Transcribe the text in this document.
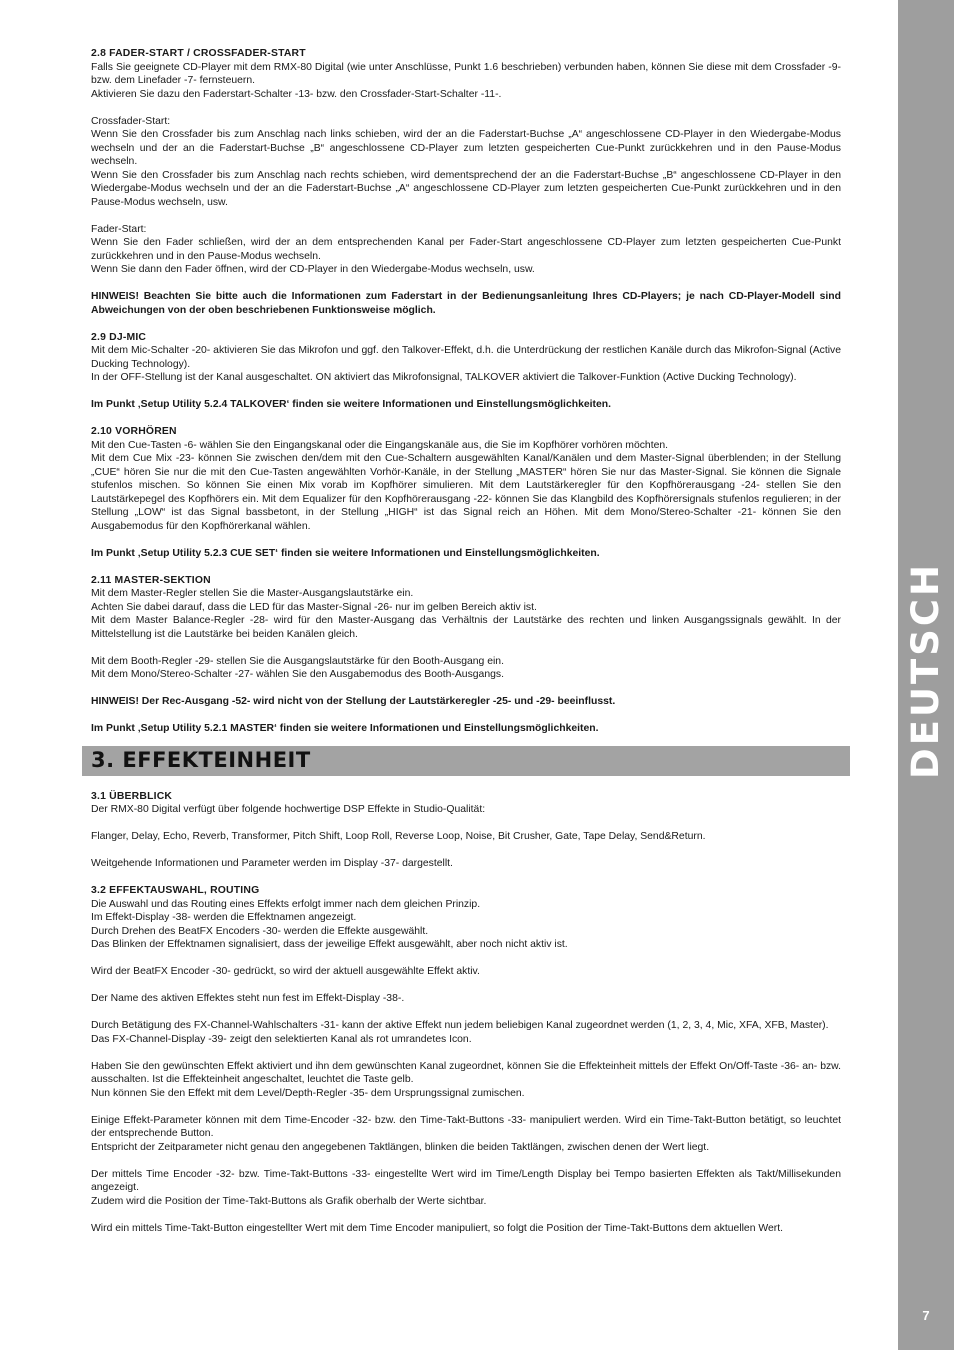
DEUTSCH
7

2.8 FADER-START / CROSSFADER-START

Falls Sie geeignete CD-Player mit dem RMX-80 Digital (wie unter Anschlüsse, Punkt 1.6 beschrieben) verbunden haben, können Sie diese mit dem Crossfader -9- bzw. dem Linefader -7- fernsteuern.

Aktivieren Sie dazu den Faderstart-Schalter -13- bzw. den Crossfader-Start-Schalter -11-.

Crossfader-Start:

Wenn Sie den Crossfader bis zum Anschlag nach links schieben, wird der an die Faderstart-Buchse „A“ angeschlossene CD-Player in den Wiedergabe-Modus wechseln und der an die Faderstart-Buchse „B“ angeschlossene CD-Player zum letzten gespeicherten Cue-Punkt zurückkehren und in den Pause-Modus wechseln.

Wenn Sie den Crossfader bis zum Anschlag nach rechts schieben, wird dementsprechend der an die Faderstart-Buchse „B“ angeschlossene CD-Player in den Wiedergabe-Modus wechseln und der an die Faderstart-Buchse „A“ angeschlossene CD-Player zum letzten gespeicherten Cue-Punkt zurückkehren und in den Pause-Modus wechseln, usw.

Fader-Start:

Wenn Sie den Fader schließen, wird der an dem entsprechenden Kanal per Fader-Start angeschlossene CD-Player zum letzten gespeicherten Cue-Punkt zurückkehren und in den Pause-Modus wechseln.

Wenn Sie dann den Fader öffnen, wird der CD-Player in den Wiedergabe-Modus wechseln, usw.

HINWEIS! Beachten Sie bitte auch die Informationen zum Faderstart in der Bedienungsanleitung Ihres CD-Players; je nach CD-Player-Modell sind Abweichungen von der oben beschriebenen Funktionsweise möglich.

2.9 DJ-MIC

Mit dem Mic-Schalter -20- aktivieren Sie das Mikrofon und ggf. den Talkover-Effekt, d.h. die Unterdrückung der restlichen Kanäle durch das Mikrofon-Signal (Active Ducking Technology).

In der OFF-Stellung ist der Kanal ausgeschaltet. ON aktiviert das Mikrofonsignal, TALKOVER aktiviert die Talkover-Funktion (Active Ducking Technology).

Im Punkt ‚Setup Utility 5.2.4 TALKOVER‘ finden sie weitere Informationen und Einstellungsmöglichkeiten.

2.10 VORHÖREN

Mit den Cue-Tasten -6- wählen Sie den Eingangskanal oder die Eingangskanäle aus, die Sie im Kopfhörer vorhören möchten.

Mit dem Cue Mix -23- können Sie zwischen den/dem mit den Cue-Schaltern ausgewählten Kanal/Kanälen und dem Master-Signal überblenden; in der Stellung „CUE“ hören Sie nur die mit den Cue-Tasten angewählten Vorhör-Kanäle, in der Stellung „MASTER“ hören Sie nur das Master-Signal. Sie können die Signale stufenlos mischen. So können Sie einen Mix vorab im Kopfhörer simulieren. Mit dem Lautstärkeregler für den Kopfhörerausgang -24- stellen Sie den Lautstärkepegel des Kopfhörers ein. Mit dem Equalizer für den Kopfhörerausgang -22- können Sie das Klangbild des Kopfhörersignals stufenlos regulieren; in der Stellung „LOW“ ist das Signal bassbetont, in der Stellung „HIGH“ ist das Signal reich an Höhen. Mit dem Mono/Stereo-Schalter -21- können Sie den Ausgabemodus für den Kopfhörerkanal wählen.

Im Punkt ‚Setup Utility 5.2.3 CUE SET‘ finden sie weitere Informationen und Einstellungsmöglichkeiten.

2.11 MASTER-SEKTION

Mit dem Master-Regler stellen Sie die Master-Ausgangslautstärke ein.

Achten Sie dabei darauf, dass die LED für das Master-Signal -26- nur im gelben Bereich aktiv ist.

Mit dem Master Balance-Regler -28- wird für den Master-Ausgang das Verhältnis der Lautstärke des rechten und linken Ausgangssignals gewählt. In der Mittelstellung ist die Lautstärke bei beiden Kanälen gleich.

Mit dem Booth-Regler -29- stellen Sie die Ausgangslautstärke für den Booth-Ausgang ein.

Mit dem Mono/Stereo-Schalter -27- wählen Sie den Ausgabemodus des Booth-Ausgangs.

HINWEIS! Der Rec-Ausgang -52- wird nicht von der Stellung der Lautstärkeregler -25- und -29- beeinflusst.

Im Punkt ‚Setup Utility 5.2.1 MASTER‘ finden sie weitere Informationen und Einstellungsmöglichkeiten.

3. EFFEKTEINHEIT

3.1 ÜBERBLICK

Der RMX-80 Digital verfügt über folgende hochwertige DSP Effekte in Studio-Qualität:

Flanger, Delay, Echo, Reverb, Transformer, Pitch Shift, Loop Roll, Reverse Loop, Noise, Bit Crusher, Gate, Tape Delay, Send&Return.

Weitgehende Informationen und Parameter werden im Display -37- dargestellt.

3.2 EFFEKTAUSWAHL, ROUTING

Die Auswahl und das Routing eines Effekts erfolgt immer nach dem gleichen Prinzip.

Im Effekt-Display -38- werden die Effektnamen angezeigt.

Durch Drehen des BeatFX Encoders -30- werden die Effekte ausgewählt.

Das Blinken der Effektnamen signalisiert, dass der jeweilige Effekt ausgewählt, aber noch nicht aktiv ist.

Wird der BeatFX Encoder -30- gedrückt, so wird der aktuell ausgewählte Effekt aktiv.

Der Name des aktiven Effektes steht nun fest im Effekt-Display -38-.

Durch Betätigung des FX-Channel-Wahlschalters -31- kann der aktive Effekt nun jedem beliebigen Kanal zugeordnet werden (1, 2, 3, 4, Mic, XFA, XFB, Master).

Das FX-Channel-Display -39- zeigt den selektierten Kanal als rot umrandetes Icon.

Haben Sie den gewünschten Effekt aktiviert und ihn dem gewünschten Kanal zugeordnet, können Sie die Effekteinheit mittels der Effekt On/Off-Taste -36- an- bzw. ausschalten. Ist die Effekteinheit angeschaltet, leuchtet die Taste gelb.

Nun können Sie den Effekt mit dem Level/Depth-Regler -35- dem Ursprungssignal zumischen.

Einige Effekt-Parameter können mit dem Time-Encoder -32- bzw. den Time-Takt-Buttons -33- manipuliert werden. Wird ein Time-Takt-Button betätigt, so leuchtet der entsprechende Button.

Entspricht der Zeitparameter nicht genau den angegebenen Taktlängen, blinken die beiden Taktlängen, zwischen denen der Wert liegt.

Der mittels Time Encoder -32- bzw. Time-Takt-Buttons -33- eingestellte Wert wird im Time/Length Display bei Tempo basierten Effekten als Takt/Millisekunden angezeigt.

Zudem wird die Position der Time-Takt-Buttons als Grafik oberhalb der Werte sichtbar.

Wird ein mittels Time-Takt-Button eingestellter Wert mit dem Time Encoder manipuliert, so folgt die Position der Time-Takt-Buttons dem aktuellen Wert.
